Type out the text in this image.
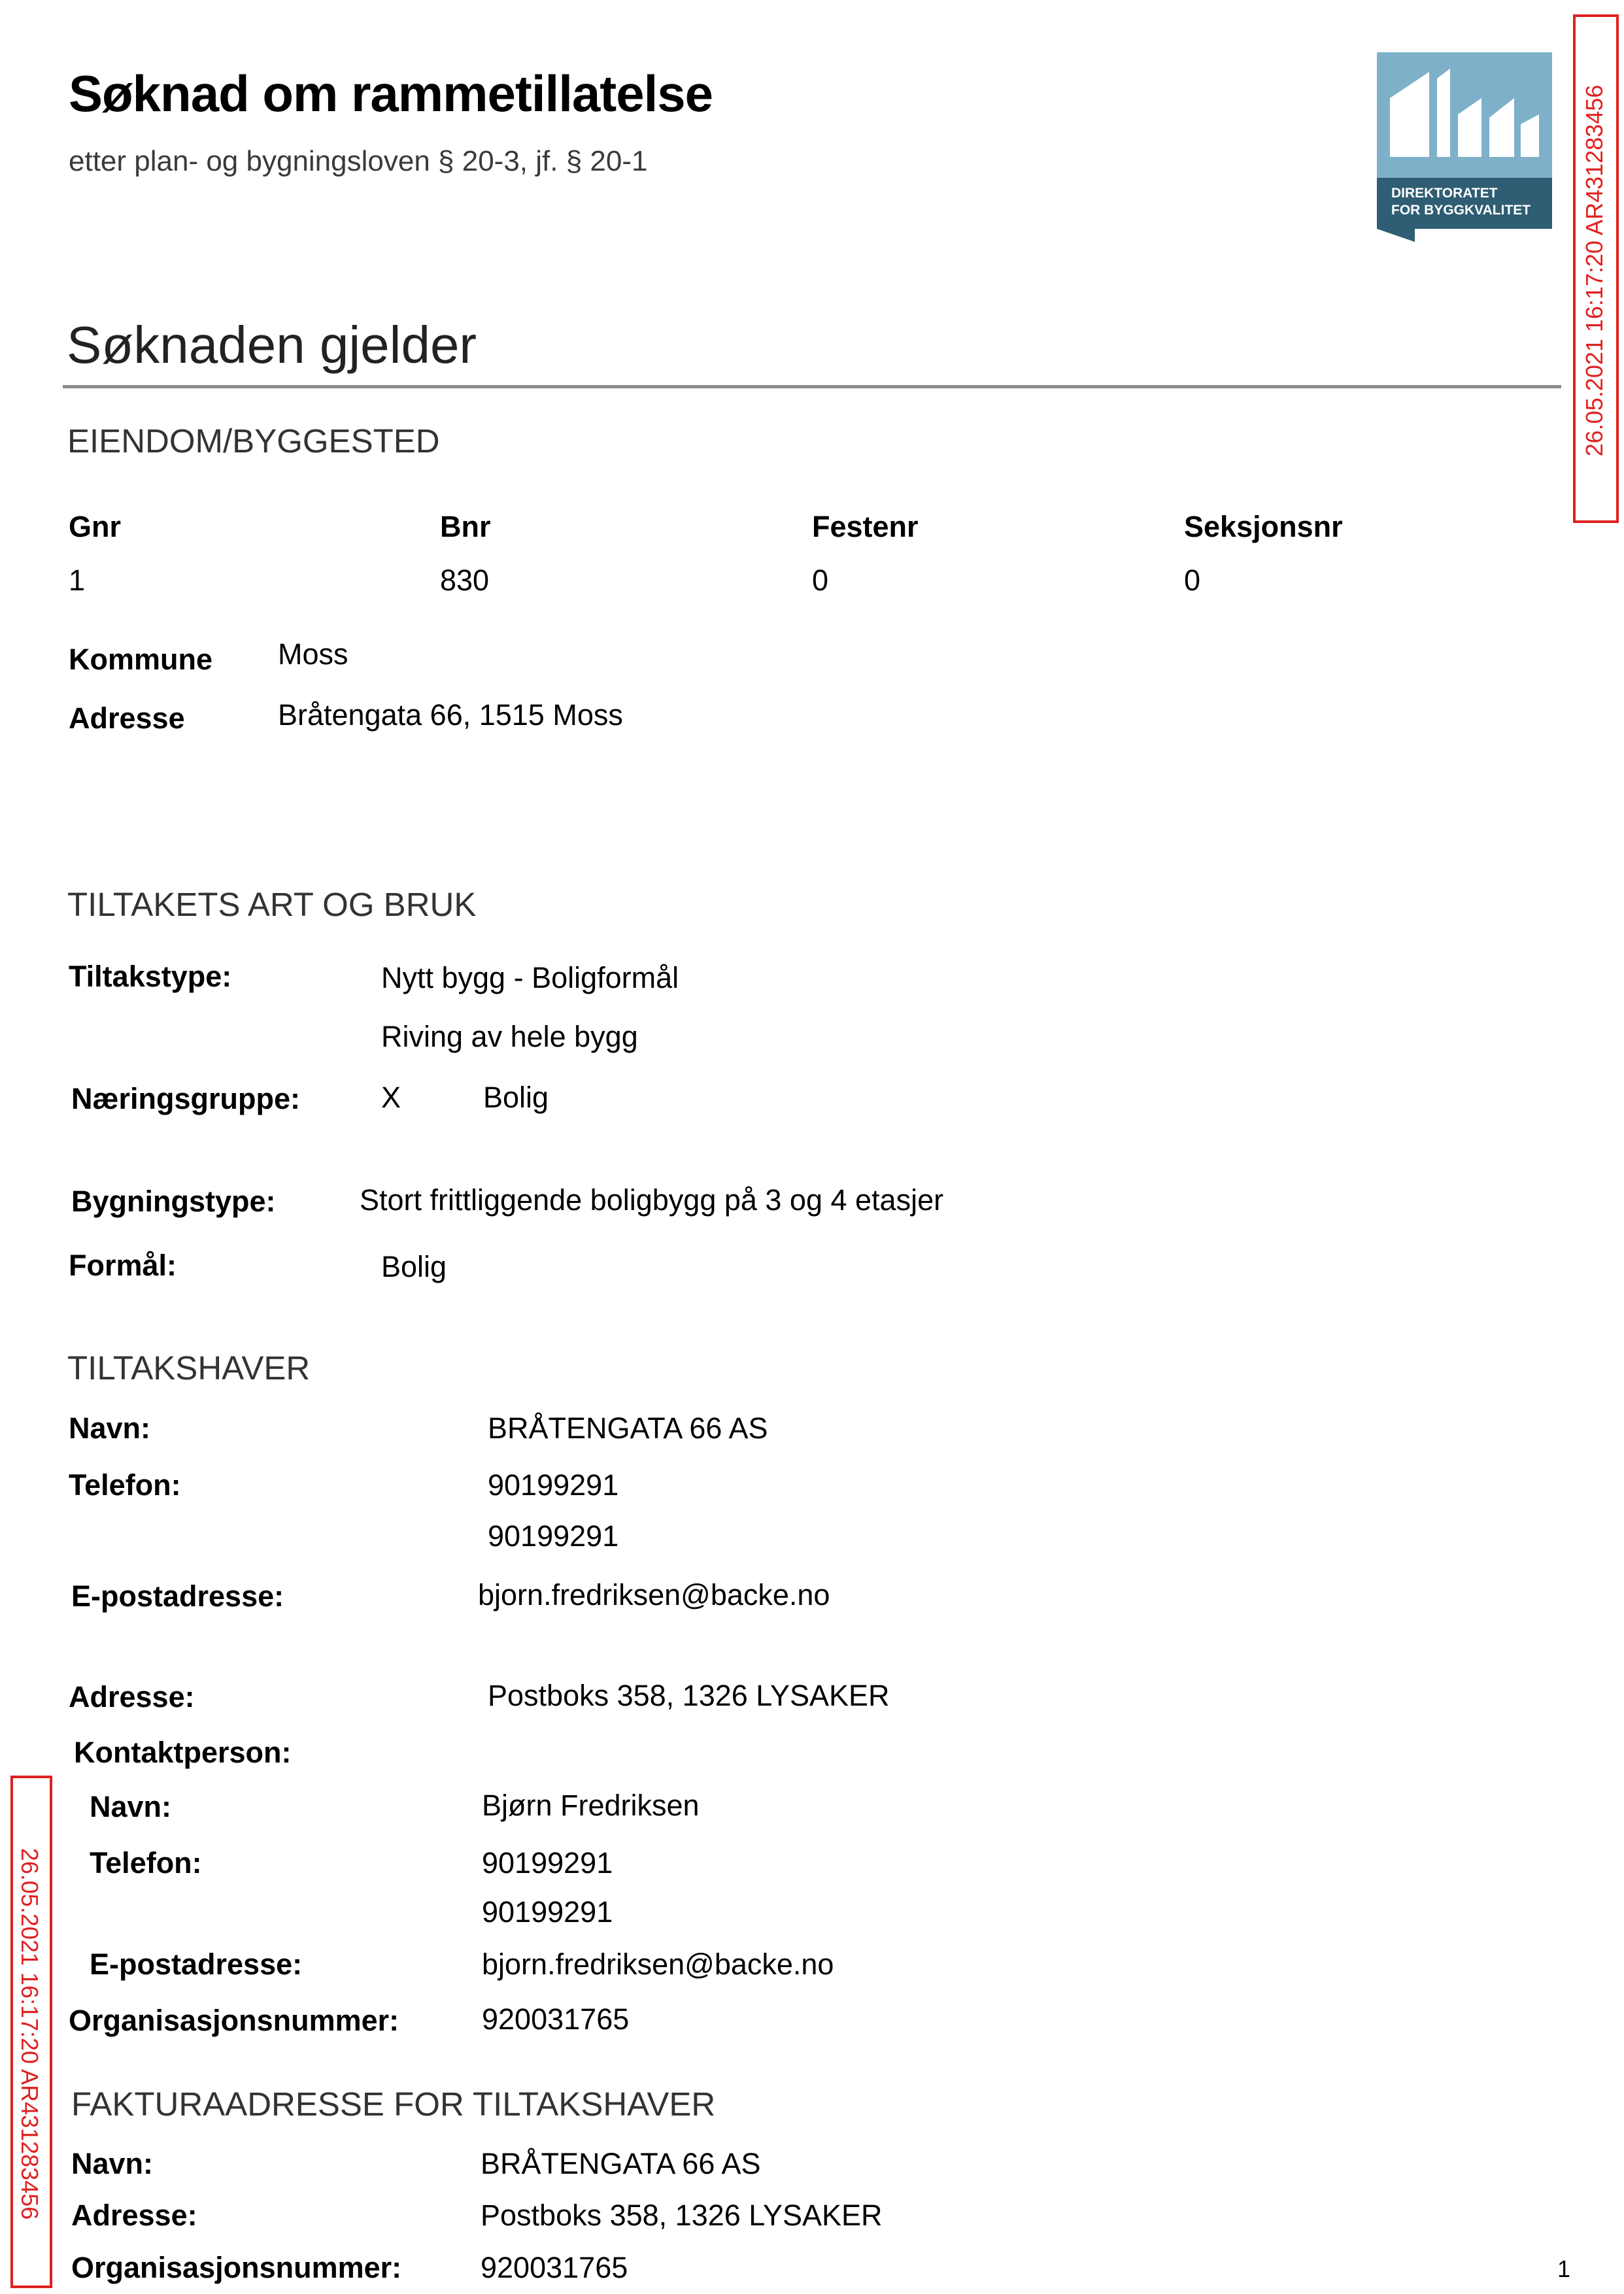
Søknad om rammetillatelse
etter plan- og bygningsloven § 20-3, jf. § 20-1
DIREKTORATET
FOR BYGGKVALITET 26.05.2021 16:17:20 AR431283456
Søknaden gjelder
EIENDOM/BYGGESTED
Gnr	Bnr	Festenr	Seksjonsnr
1	830	0	0
Kommune Moss
Adresse	Bråtengata 66, 1515 Moss
TILTAKETS ART OG BRUK
Tiltakstype:	Nytt bygg - Boligformål
Riving av hele bygg
Næringsgruppe:	X	Bolig
Bygningstype:	Stort frittliggende boligbygg på 3 og 4 etasjer
Formål:	Bolig
TILTAKSHAVER
Navn:	BRÅTENGATA 66 AS
Telefon:	90199291
90199291
E-postadresse:	bjorn.fredriksen@backe.no
Adresse:	Postboks 358, 1326 LYSAKER
Kontaktperson:
Navn:	Bjørn Fredriksen
Telefon:	90199291
90199291
E-postadresse:	bjorn.fredriksen@backe.no
Organisasjonsnummer:	920031765
FAKTURAADRESSE FOR TILTAKSHAVER
Navn:	BRÅTENGATA 66 AS
Adresse:	Postboks 358, 1326 LYSAKER
Organisasjonsnummer:	920031765
26.05.2021 16:17:20 AR431283456
1
